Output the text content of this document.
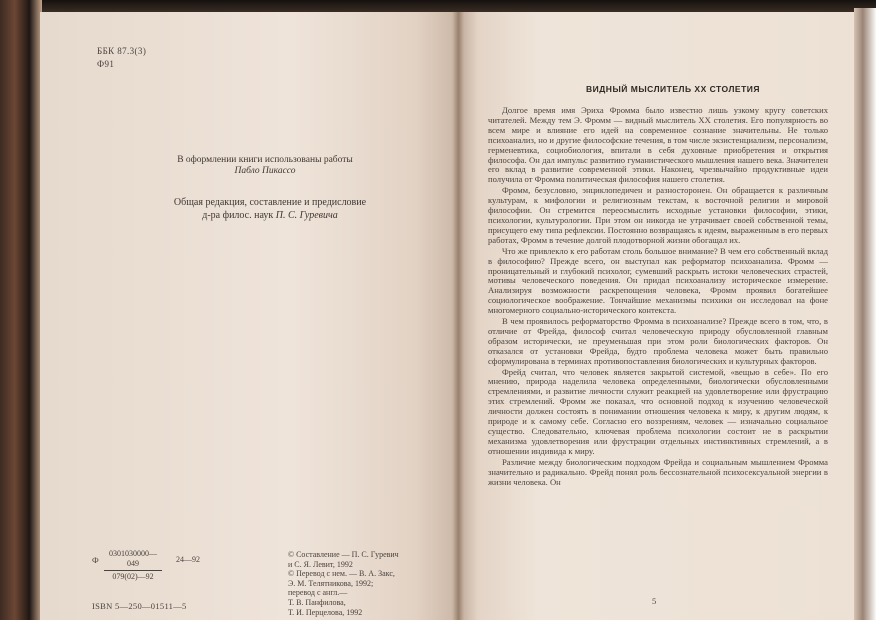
ББК 87.3(3)
Ф91
В оформлении книги использованы работы
Пабло Пикассо
Общая редакция, составление и предисловие
д-ра филос. наук П. С. Гуревича
Ф $\frac{0301030000—049}{079(02)—92}$ 24—92
ISBN 5—250—01511—5
© Составление — П. С. Гуревич
и С. Я. Левит, 1992
© Перевод с нем. — В. А. Закс,
Э. М. Телятникова, 1992;
перевод с англ.—
Т. В. Панфилова,
Т. И. Перцелова, 1992
ВИДНЫЙ МЫСЛИТЕЛЬ XX СТОЛЕТИЯ

Долгое время имя Эриха Фромма было известно лишь узкому кругу советских читателей. Между тем Э. Фромм — видный мыслитель XX столетия. Его популярность во всем мире и влияние его идей на современное сознание значительны. Не только психоанализ, но и другие философские течения, в том числе экзистенциализм, персонализм, герменевтика, социобиология, впитали в себя духовные приобретения и открытия философа. Он дал импульс развитию гуманистического мышления нашего века. Значителен его вклад в развитие современной этики. Наконец, чрезвычайно продуктивные идеи получила от Фромма политическая философия нашего столетия.

Фромм, безусловно, энциклопедичен и разносторонен. Он обращается к различным культурам, к мифологии и религиозным текстам, к восточной религии и мировой философии. Он стремится переосмыслить исходные установки философии, этики, психологии, культурологии. При этом он никогда не утрачивает своей собственной темы, присущего ему типа рефлексии. Постоянно возвращаясь к идеям, выраженным в его первых работах, Фромм в течение долгой плодотворной жизни обогащал их.

Что же привлекло к его работам столь большое внимание? В чем его собственный вклад в философию? Прежде всего, он выступал как реформатор психоанализа. Фромм — проницательный и глубокий психолог, сумевший раскрыть истоки человеческих страстей, мотивы человеческого поведения. Он придал психоанализу историческое измерение. Анализируя возможности раскрепощения человека, Фромм проявил богатейшее социологическое воображение. Тончайшие механизмы психики он исследовал на фоне многомерного социально-исторического контекста.

В чем проявилось реформаторство Фромма в психоанализе? Прежде всего в том, что, в отличие от Фрейда, философ считал человеческую природу обусловленной главным образом исторически, не преуменьшая при этом роли биологических факторов. Он отказался от установки Фрейда, будто проблема человека может быть правильно сформулирована в терминах противопоставления биологических и культурных факторов.

Фрейд считал, что человек является закрытой системой, «вещью в себе». По его мнению, природа наделила человека определенными, биологически обусловленными стремлениями, и развитие личности служит реакцией на удовлетворение или фрустрацию этих стремлений. Фромм же показал, что основной подход к изучению человеческой личности должен состоять в понимании отношения человека к миру, к другим людям, к природе и к самому себе. Согласно его воззрениям, человек — изначально социальное существо. Следовательно, ключевая проблема психологии состоит не в раскрытии механизма удовлетворения или фрустрации отдельных инстинктивных стремлений, а в отношении индивида к миру.

Различие между биологическим подходом Фрейда и социальным мышлением Фромма значительно и радикально. Фрейд понял роль бессознательной психосексуальной энергии в жизни человека. Он

5
